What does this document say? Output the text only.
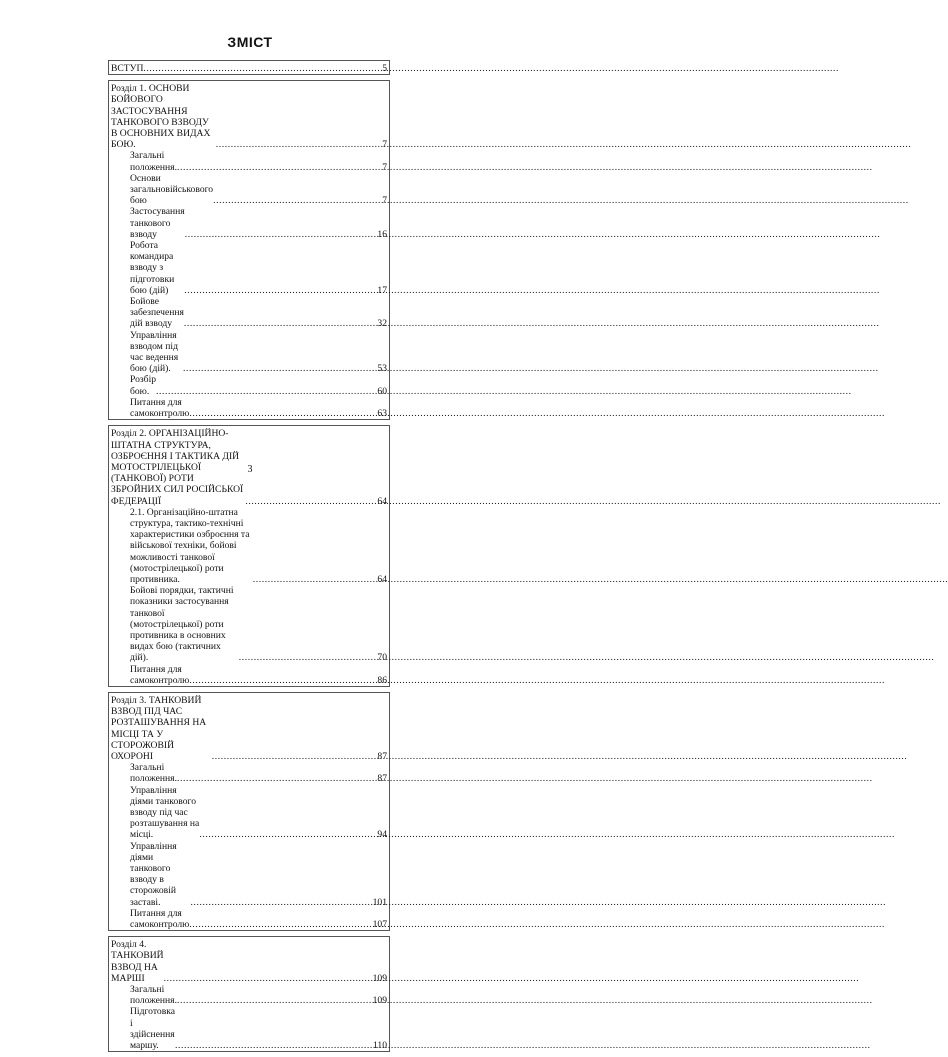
ЗМІСТ
ВСТУП .....	5
Розділ 1. ОСНОВИ БОЙОВОГО ЗАСТОСУВАННЯ ТАНКОВОГО ВЗВОДУ В ОСНОВНИХ ВИДАХ БОЮ. .....	7
Загальні положення. .....	7
Основи загальновійськового бою .....	7
Застосування танкового взводу .....	16
Робота командира взводу з підготовки бою (дій) .....	17
Бойове забезпечення дій взводу .....	32
Управління взводом під час ведення бою (дій). .....	53
Розбір бою. .....	60
Питання для самоконтролю .....	63
Розділ 2. ОРГАНІЗАЦІЙНО-ШТАТНА СТРУКТУРА, ОЗБРОЄННЯ І ТАКТИКА ДІЙ МОТОСТРІЛЕЦЬКОЇ (ТАНКОВОЇ) РОТИ ЗБРОЙНИХ СИЛ РОСІЙСЬКОЇ ФЕДЕРАЦІЇ .....	64
2.1. Організаційно-штатна структура, тактико-технічні характеристики озброєння та військової техніки, бойові можливості танкової (мотострілецької) роти противника. .....	64
Бойові порядки, тактичні показники застосування танкової (мотострілецької) роти противника в основних видах бою (тактичних дій). .....	70
Питання для самоконтролю .....	86
Розділ 3. ТАНКОВИЙ ВЗВОД ПІД ЧАС РОЗТАШУВАННЯ НА МІСЦІ ТА У СТОРОЖОВІЙ ОХОРОНІ .....	87
Загальні положення. .....	87
Управління діями танкового взводу під час розташування на місці. .....	94
Управління діями танкового взводу в сторожовій заставі. .....	101
Питання для самоконтролю .....	107
Розділ 4. ТАНКОВИЙ ВЗВОД НА МАРШІ .....	109
Загальні положення. .....	109
Підготовка і здійснення маршу. .....	110
3
